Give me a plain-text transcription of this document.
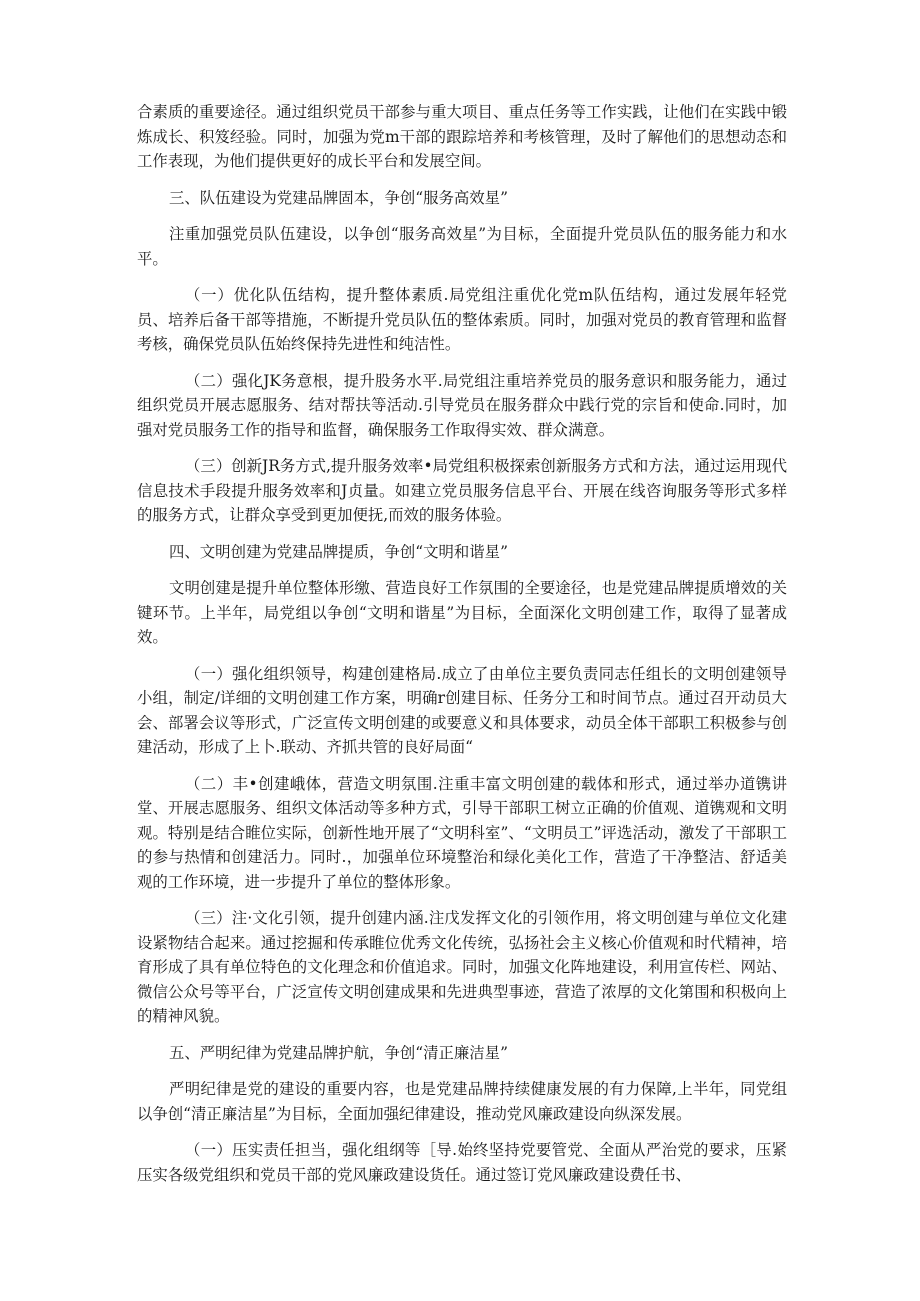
合素质的重要途径。通过组织党员干部参与重大项目、重点任务等工作实践，让他们在实践中锻炼成长、积笈经验。同时，加强为党m干部的跟踪培养和考核管理，及时了解他们的思想动态和工作表现，为他们提供更好的成长平台和发展空间。

三、队伍建设为党建品牌固本，争创“服务高效星”

注重加强党员队伍建设，以争创“服务高效星”为目标，全面提升党员队伍的服务能力和水平。

（一）优化队伍结构，提升整体素质.局党组注重优化党m队伍结构，通过发展年轻党员、培养后备干部等措施，不断提升党员队伍的整体索质。同时，加强对党员的教育管理和监督考核，确保党员队伍始终保持先进性和纯洁性。

（二）强化JK务意根，提升股务水平.局党组注重培养党员的服务意识和服务能力，通过组织党员开展志愿服务、结对帮扶等活动.引导党员在服务群众中践行党的宗旨和使命.同时，加强对党员服务工作的指导和监督，确保服务工作取得实效、群众满意。

（三）创新JR务方式,提升服务效率•局党组积极探索创新服务方式和方法，通过运用现代信息技术手段提升服务效率和J贞量。如建立党员服务信息平台、开展在线咨询服务等形式多样的服务方式，让群众享受到更加便抚,而效的服务体验。

四、文明创建为党建品牌提质，争创“文明和谐星”

文明创建是提升单位整体形缴、营造良好工作氛围的全要途径，也是党建品牌提质增效的关键环节。上半年，局党组以争创“文明和谐星”为目标，全面深化文明创建工作，取得了显著成效。

（一）强化组织领导，构建创建格局.成立了由单位主要负责同志任组长的文明创建领导小组，制定/详细的文明创建工作方案，明确r创建目标、任务分工和时间节点。通过召开动员大会、部署会议等形式，广泛宣传文明创建的或要意义和具体要求，动员全体干部职工积极参与创建活动，形成了上卜.联动、齐抓共管的良好局面“

（二）丰•创建峨体，营造文明氛围.注重丰富文明创建的载体和形式，通过举办道镌讲堂、开展志愿服务、组织文体活动等多种方式，引导干部职工树立正确的价值观、道镌观和文明观。特别是结合睢位实际，创新性地开展了“文明科室”、“文明员工”评选活动，激发了干部职工的参与热情和创建活力。同时.，加强单位环境整治和绿化美化工作，营造了干净整洁、舒适美观的工作环境，进一步提升了单位的整体形象。

（三）注·文化引领，提升创建内涵.注戊发挥文化的引领作用，将文明创建与单位文化建设紧物结合起来。通过挖掘和传承睢位优秀文化传统，弘扬社会主义核心价值观和时代精神，培育形成了具有单位特色的文化理念和价值追求。同时，加强文化阵地建设，利用宣传栏、网站、微信公众号等平台，广泛宣传文明创建成果和先进典型事迹，营造了浓厚的文化第围和积极向上的精神风貌。

五、严明纪律为党建品牌护航，争创“清正廉洁星”

严明纪律是党的建设的重要内容，也是党建品牌持续健康发展的有力保障,上半年，同党组以争创“清正廉洁星”为目标，全面加强纪律建设，推动党风廉政建设向纵深发展。

（一）压实责任担当，强化组纲等［导.始终坚持党要管党、全面从严治党的要求，压紧压实各级党组织和党员干部的党风廉政建设货任。通过签订党风廉政建设费任书、
